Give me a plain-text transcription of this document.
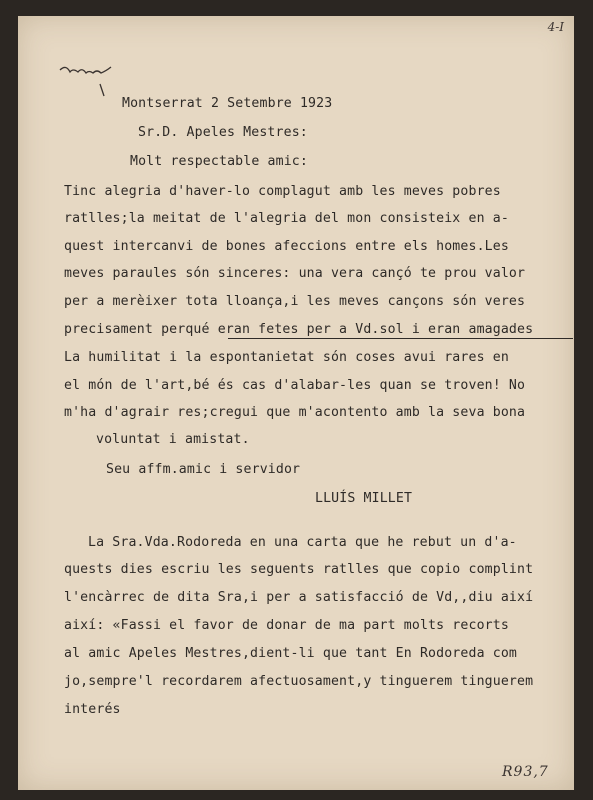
4-I
Montserrat 2 Setembre 1923
Sr.D. Apeles Mestres:
Molt respectable amic:
Tinc alegria d'haver-lo complagut amb les meves pobres
ratlles;la meitat de l'alegria del mon consisteix en a-
quest intercanvi de bones afeccions entre els homes.Les
meves paraules són sinceres: una vera cançó te prou valor
per a merèixer tota lloança,i les meves cançons són veres
precisament perqué eran fetes per a Vd.sol i eran amagades
La humilitat i la espontanietat són coses avui rares en
el món de l'art,bé és cas d'alabar-les quan se troven! No
m'ha d'agrair res;cregui que m'acontento amb la seva bona
voluntat i amistat.
Seu affm.amic i servidor
LLUÍS MILLET
La Sra.Vda.Rodoreda en una carta que he rebut un d'a-
quests dies escriu les seguents ratlles que copio complint
l'encàrrec de dita Sra,i per a satisfacció de Vd,,diu així
així: «Fassi el favor de donar de ma part molts recorts
al amic Apeles Mestres,dient-li que tant En Rodoreda com
jo,sempre'l recordarem afectuosament,y tinguerem tinguerem
interés
R93,7
